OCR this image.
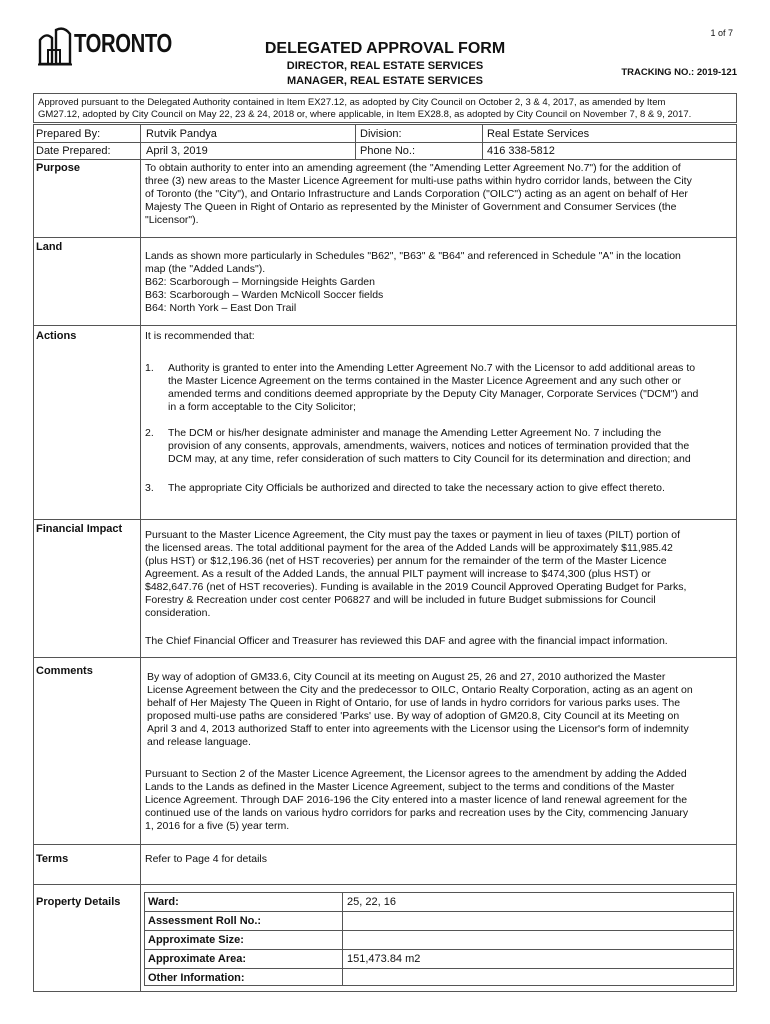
TORONTO	1 of 7
DELEGATED APPROVAL FORM
DIRECTOR, REAL ESTATE SERVICES
MANAGER, REAL ESTATE SERVICES
TRACKING NO.: 2019-121
Approved pursuant to the Delegated Authority contained in Item EX27.12, as adopted by City Council on October 2, 3 & 4, 2017, as amended by Item
GM27.12, adopted by City Council on May 22, 23 & 24, 2018 or, where applicable, in Item EX28.8, as adopted by City Council on November 7, 8 & 9, 2017.
Prepared By:	Rutvik Pandya	Division:	Real Estate Services
Date Prepared:	April 3, 2019	Phone No.:	416 338-5812
Purpose	To obtain authority to enter into an amending agreement (the "Amending Letter Agreement No.7") for the addition of
three (3) new areas to the Master Licence Agreement for multi-use paths within hydro corridor lands, between the City
of Toronto (the "City"), and Ontario Infrastructure and Lands Corporation ("OILC") acting as an agent on behalf of Her
Majesty The Queen in Right of Ontario as represented by the Minister of Government and Consumer Services (the
"Licensor").
Land
Lands as shown more particularly in Schedules "B62", "B63" & "B64" and referenced in Schedule "A" in the location
map (the "Added Lands").
B62: Scarborough – Morningside Heights Garden
B63: Scarborough – Warden McNicoll Soccer fields
B64: North York – East Don Trail
Actions	It is recommended that:
1. Authority is granted to enter into the Amending Letter Agreement No.7 with the Licensor to add additional areas to
the Master Licence Agreement on the terms contained in the Master Licence Agreement and any such other or
amended terms and conditions deemed appropriate by the Deputy City Manager, Corporate Services ("DCM") and
in a form acceptable to the City Solicitor;
2. The DCM or his/her designate administer and manage the Amending Letter Agreement No. 7 including the
provision of any consents, approvals, amendments, waivers, notices and notices of termination provided that the
DCM may, at any time, refer consideration of such matters to City Council for its determination and direction; and
3. The appropriate City Officials be authorized and directed to take the necessary action to give effect thereto.
Financial Impact Pursuant to the Master Licence Agreement, the City must pay the taxes or payment in lieu of taxes (PILT) portion of
the licensed areas. The total additional payment for the area of the Added Lands will be approximately $11,985.42
(plus HST) or $12,196.36 (net of HST recoveries) per annum for the remainder of the term of the Master Licence
Agreement. As a result of the Added Lands, the annual PILT payment will increase to $474,300 (plus HST) or
$482,647.76 (net of HST recoveries). Funding is available in the 2019 Council Approved Operating Budget for Parks,
Forestry & Recreation under cost center P06827 and will be included in future Budget submissions for Council
consideration.
The Chief Financial Officer and Treasurer has reviewed this DAF and agree with the financial impact information.
Comments	By way of adoption of GM33.6, City Council at its meeting on August 25, 26 and 27, 2010 authorized the Master
License Agreement between the City and the predecessor to OILC, Ontario Realty Corporation, acting as an agent on
behalf of Her Majesty The Queen in Right of Ontario, for use of lands in hydro corridors for various parks uses. The
proposed multi-use paths are considered 'Parks' use. By way of adoption of GM20.8, City Council at its Meeting on
April 3 and 4, 2013 authorized Staff to enter into agreements with the Licensor using the Licensor's form of indemnity
and release language.
Pursuant to Section 2 of the Master Licence Agreement, the Licensor agrees to the amendment by adding the Added
Lands to the Lands as defined in the Master Licence Agreement, subject to the terms and conditions of the Master
Licence Agreement. Through DAF 2016-196 the City entered into a master licence of land renewal agreement for the
continued use of the lands on various hydro corridors for parks and recreation uses by the City, commencing January
1, 2016 for a five (5) year term.
Terms	Refer to Page 4 for details
Property Details	Ward:	25, 22, 16
Assessment Roll No.:
Approximate Size:
Approximate Area:	151,473.84 m2
Other Information:
